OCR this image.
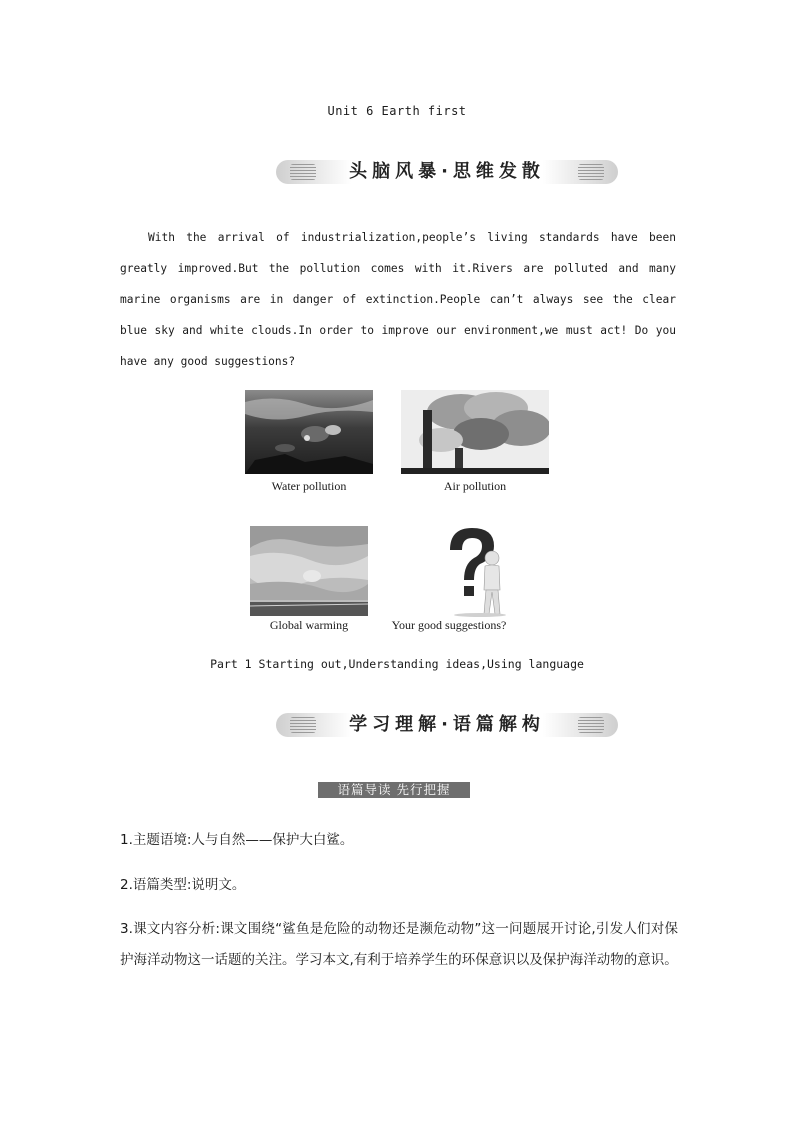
Unit 6 Earth first
头脑风暴·思维发散

With the arrival of industrialization,people’s living standards have been greatly improved.But the pollution comes with it.Rivers are polluted and many marine organisms are in danger of extinction.People can’t always see the clear blue sky and white clouds.In order to improve our environment,we must act! Do you have any good suggestions?

Water pollution	Air pollution
Global warming	Your good suggestions?
Part 1 Starting out,Understanding ideas,Using language
学习理解·语篇解构
语篇导读 先行把握

1.主题语境:人与自然——保护大白鲨。

2.语篇类型:说明文。

3.课文内容分析:课文围绕“鲨鱼是危险的动物还是濒危动物”这一问题展开讨论,引发人们对保护海洋动物这一话题的关注。学习本文,有利于培养学生的环保意识以及保护海洋动物的意识。
